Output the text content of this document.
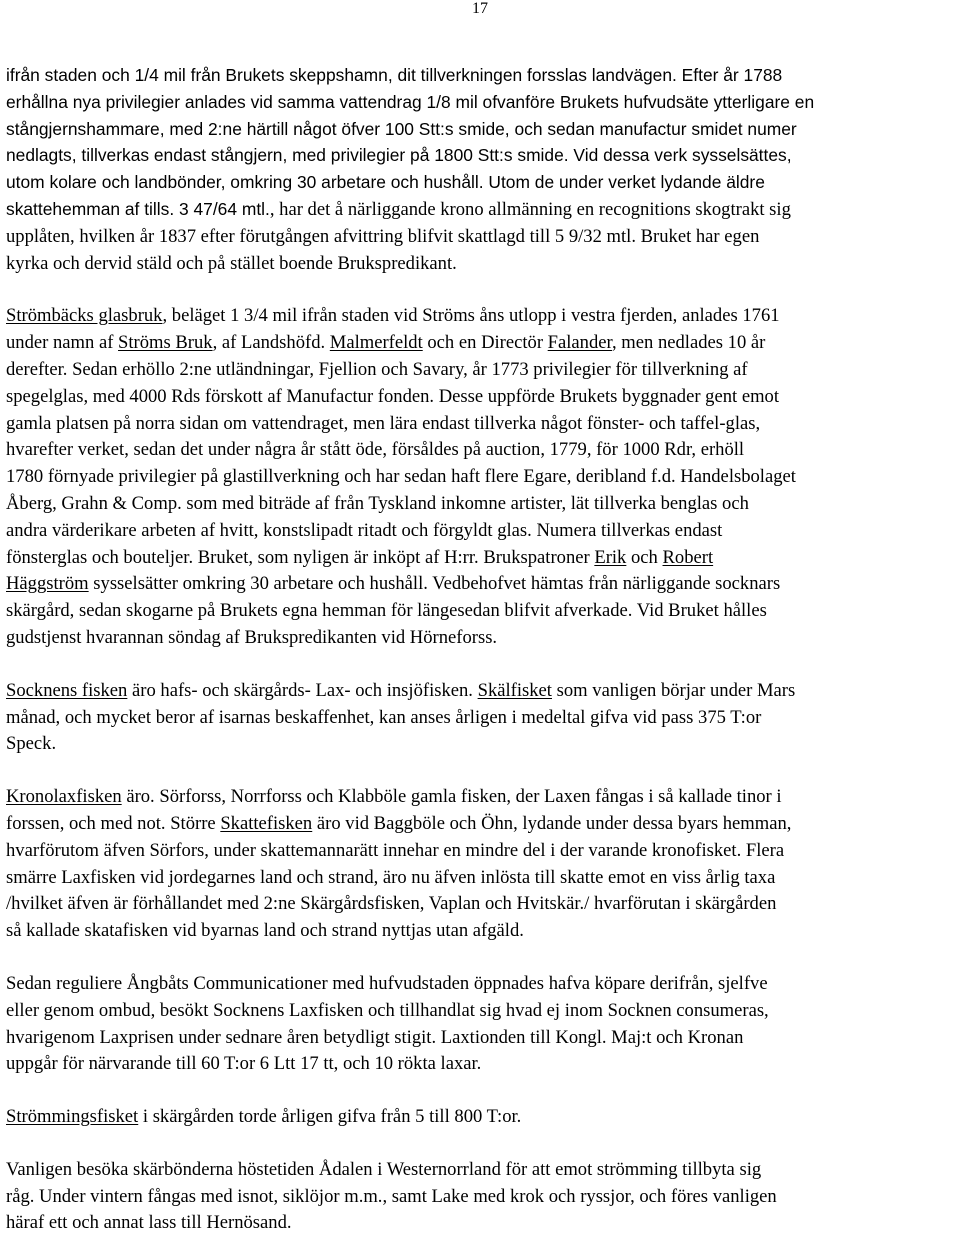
17
ifrån staden och 1/4 mil från Brukets skeppshamn, dit tillverkningen forsslas landvägen. Efter år 1788
erhållna nya privilegier anlades vid samma vattendrag 1/8 mil ofvanföre Brukets hufvudsäte ytterligare en
stångjernshammare, med 2:ne härtill något öfver 100 Stt:s smide, och sedan manufactur smidet numer
nedlagts, tillverkas endast stångjern, med privilegier på 1800 Stt:s smide. Vid dessa verk sysselsättes,
utom kolare och landbönder, omkring 30 arbetare och hushåll. Utom de under verket lydande äldre
skattehemman af tills. 3 47/64 mtl., har det å närliggande krono allmänning en recognitions skogtrakt sig
upplåten, hvilken år 1837 efter förutgången afvittring blifvit skattlagd till 5 9/32 mtl. Bruket har egen
kyrka och dervid stäld och på stället boende Brukspredikant.
Strömbäcks glasbruk, beläget 1 3/4 mil ifrån staden vid Ströms åns utlopp i vestra fjerden, anlades 1761
under namn af Ströms Bruk, af Landshöfd. Malmerfeldt och en Directör Falander, men nedlades 10 år
derefter. Sedan erhöllo 2:ne utländningar, Fjellion och Savary, år 1773 privilegier för tillverkning af
spegelglas, med 4000 Rds förskott af Manufactur fonden. Desse uppförde Brukets byggnader gent emot
gamla platsen på norra sidan om vattendraget, men lära endast tillverka något fönster- och taffel-glas,
hvarefter verket, sedan det under några år stått öde, försåldes på auction, 1779, för 1000 Rdr, erhöll
1780 förnyade privilegier på glastillverkning och har sedan haft flere Egare, deribland f.d. Handelsbolaget
Åberg, Grahn & Comp. som med biträde af från Tyskland inkomne artister, lät tillverka benglas och
andra värderikare arbeten af hvitt, konstslipadt ritadt och förgyldt glas. Numera tillverkas endast
fönsterglas och bouteljer. Bruket, som nyligen är inköpt af H:rr. Brukspatroner Erik och Robert
Häggström sysselsätter omkring 30 arbetare och hushåll. Vedbehofvet hämtas från närliggande socknars
skärgård, sedan skogarne på Brukets egna hemman för längesedan blifvit afverkade. Vid Bruket hålles
gudstjenst hvarannan söndag af Brukspredikanten vid Hörneforss.
Socknens fisken äro hafs- och skärgårds- Lax- och insjöfisken. Skälfisket som vanligen börjar under Mars
månad, och mycket beror af isarnas beskaffenhet, kan anses årligen i medeltal gifva vid pass 375 T:or
Speck.
Kronolaxfisken äro. Sörforss, Norrforss och Klabböle gamla fisken, der Laxen fångas i så kallade tinor i
forssen, och med not. Större Skattefisken äro vid Baggböle och Öhn, lydande under dessa byars hemman,
hvarförutom äfven Sörfors, under skattemannarätt innehar en mindre del i der varande kronofisket. Flera
smärre Laxfisken vid jordegarnes land och strand, äro nu äfven inlösta till skatte emot en viss årlig taxa
/hvilket äfven är förhållandet med 2:ne Skärgårdsfisken, Vaplan och Hvitskär./ hvarförutan i skärgården
så kallade skatafisken vid byarnas land och strand nyttjas utan afgäld.
Sedan reguliere Ångbåts Communicationer med hufvudstaden öppnades hafva köpare derifrån, sjelfve
eller genom ombud, besökt Socknens Laxfisken och tillhandlat sig hvad ej inom Socknen consumeras,
hvarigenom Laxprisen under sednare åren betydligt stigit. Laxtionden till Kongl. Maj:t och Kronan
uppgår för närvarande till 60 T:or 6 Ltt 17 tt, och 10 rökta laxar.
Strömmingsfisket i skärgården torde årligen gifva från 5 till 800 T:or.
Vanligen besöka skärbönderna höstetiden Ådalen i Westernorrland för att emot strömming tillbyta sig
råg. Under vintern fångas med isnot, siklöjor m.m., samt Lake med krok och ryssjor, och föres vanligen
häraf ett och annat lass till Hernösand.
